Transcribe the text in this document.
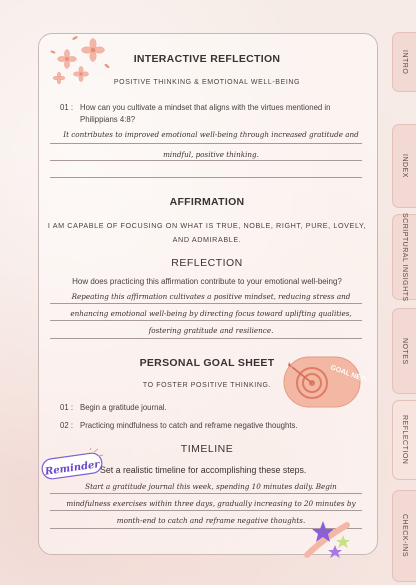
INTRO
INDEX
SCRIPTURAL INSIGHTS
NOTES
REFLECTION
CHECK-INS
INTERACTIVE REFLECTION
POSITIVE THINKING & EMOTIONAL WELL-BEING
01 : How can you cultivate a mindset that aligns with the virtues mentioned in Philippians 4:8?
It contributes to improved emotional well-being through increased gratitude and
mindful, positive thinking.
AFFIRMATION
I AM CAPABLE OF FOCUSING ON WHAT IS TRUE, NOBLE, RIGHT, PURE, LOVELY,
AND ADMIRABLE.
REFLECTION
How does practicing this affirmation contribute to your emotional well-being?
Repeating this affirmation cultivates a positive mindset, reducing stress and
enhancing emotional well-being by directing focus toward uplifting qualities,
fostering gratitude and resilience.
PERSONAL GOAL SHEET
TO FOSTER POSITIVE THINKING.
GOAL NET!
01 : Begin a gratitude journal.
02 : Practicing mindfulness to catch and reframe negative thoughts.
TIMELINE
Reminder Set a realistic timeline for accomplishing these steps.
Start a gratitude journal this week, spending 10 minutes daily. Begin
mindfulness exercises within three days, gradually increasing to 20 minutes by
month-end to catch and reframe negative thoughts.
